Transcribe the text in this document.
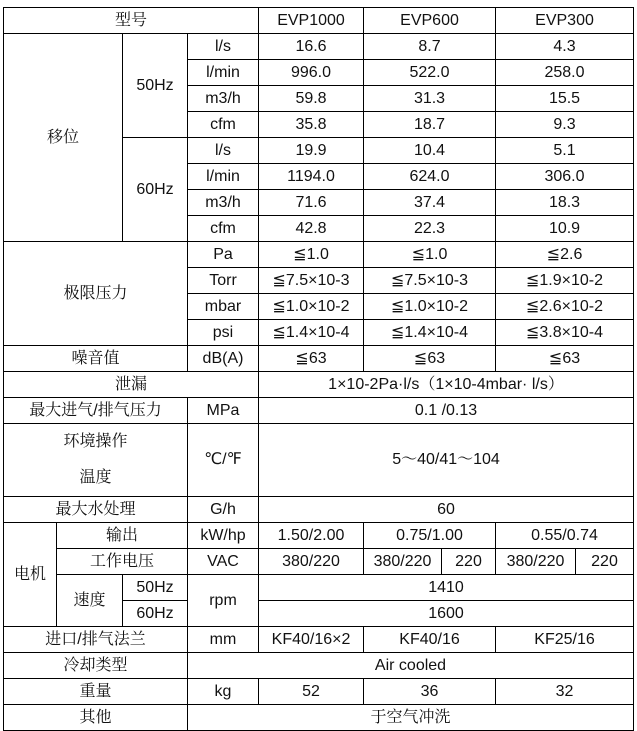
型号				EVP1000	EVP600		EVP300	
移位		50Hz	l/s	16.6	8.7		4.3	
			l/min	996.0	522.0		258.0	
			m3/h	59.8	31.3		15.5	
			cfm	35.8	18.7		9.3	
		60Hz	l/s	19.9	10.4		5.1	
			l/min	1194.0	624.0		306.0	
			m3/h	71.6	37.4		18.3	
			cfm	42.8	22.3		10.9	
极限压力			Pa	≦1.0	≦1.0		≦2.6	
			Torr	≦7.5×10-3	≦7.5×10-3		≦1.9×10-2	
			mbar	≦1.0×10-2	≦1.0×10-2		≦2.6×10-2	
			psi	≦1.4×10-4	≦1.4×10-4		≦3.8×10-4	
噪音值			dB(A)	≦63	≦63		≦63	
泄漏				1×10-2Pa·l/s（1×10-4mbar· l/s）				
最大进气/排气压力			MPa	0.1 /0.13				
环境操作
温度			℃/℉	5～40/41～104				
最大水处理			G/h	60				
电机	输出		kW/hp	1.50/2.00	0.75/1.00		0.55/0.74	
	工作电压		VAC	380/220	380/220	220	380/220	220
	速度	50Hz	rpm	1410				
		60Hz		1600				
进口/排气法兰			mm	KF40/16×2	KF40/16		KF25/16	
冷却类型			Air cooled					
重量			kg	52	36		32	
其他			于空气冲洗					
